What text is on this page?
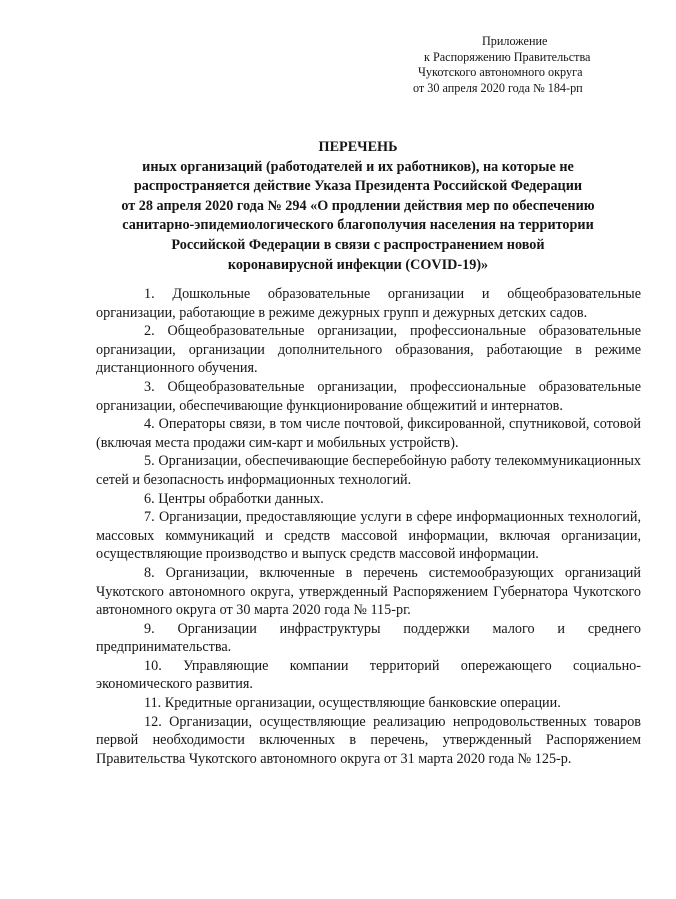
Приложение
к Распоряжению Правительства
Чукотского автономного округа
от 30 апреля 2020 года № 184-рп
ПЕРЕЧЕНЬ
иных организаций (работодателей и их работников), на которые не
распространяется действие Указа Президента Российской Федерации
от 28 апреля 2020 года № 294 «О продлении действия мер по обеспечению
санитарно-эпидемиологического благополучия населения на территории
Российской Федерации в связи с распространением новой
коронавирусной инфекции (COVID-19)»

1. Дошкольные образовательные организации и общеобразовательные организации, работающие в режиме дежурных групп и дежурных детских садов.

2. Общеобразовательные организации, профессиональные образовательные организации, организации дополнительного образования, работающие в режиме дистанционного обучения.

3. Общеобразовательные организации, профессиональные образовательные организации, обеспечивающие функционирование общежитий и интернатов.

4. Операторы связи, в том числе почтовой, фиксированной, спутниковой, сотовой (включая места продажи сим-карт и мобильных устройств).

5. Организации, обеспечивающие бесперебойную работу телекоммуникационных сетей и безопасность информационных технологий.

6. Центры обработки данных.

7. Организации, предоставляющие услуги в сфере информационных технологий, массовых коммуникаций и средств массовой информации, включая организации, осуществляющие производство и выпуск средств массовой информации.

8. Организации, включенные в перечень системообразующих организаций Чукотского автономного округа, утвержденный Распоряжением Губернатора Чукотского автономного округа от 30 марта 2020 года № 115-рг.

9. Организации инфраструктуры поддержки малого и среднего предпринимательства.

10. Управляющие компании территорий опережающего социально-экономического развития.

11. Кредитные организации, осуществляющие банковские операции.

12. Организации, осуществляющие реализацию непродовольственных товаров первой необходимости включенных в перечень, утвержденный Распоряжением Правительства Чукотского автономного округа от 31 марта 2020 года № 125-р.
